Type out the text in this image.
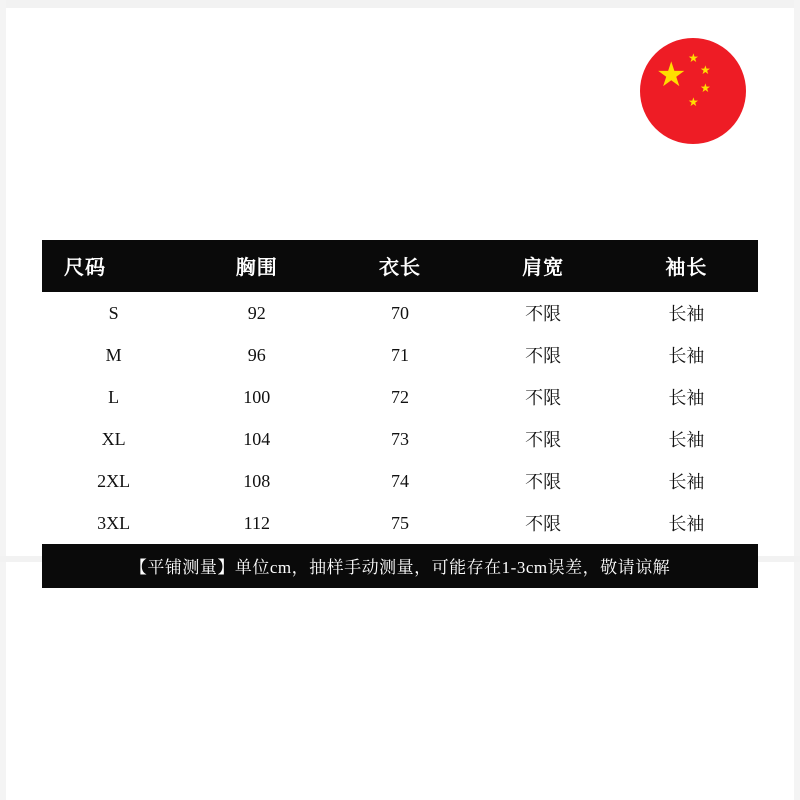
★ ★
★
★
★
尺码	胸围	衣长	肩宽	袖长
S	92	70	不限	长袖
M	96	71	不限	长袖
L	100	72	不限	长袖
XL	104	73	不限	长袖
2XL	108	74	不限	长袖
3XL	112	75	不限	长袖
【平铺测量】单位cm，抽样手动测量，可能存在1-3cm误差，敬请谅解
